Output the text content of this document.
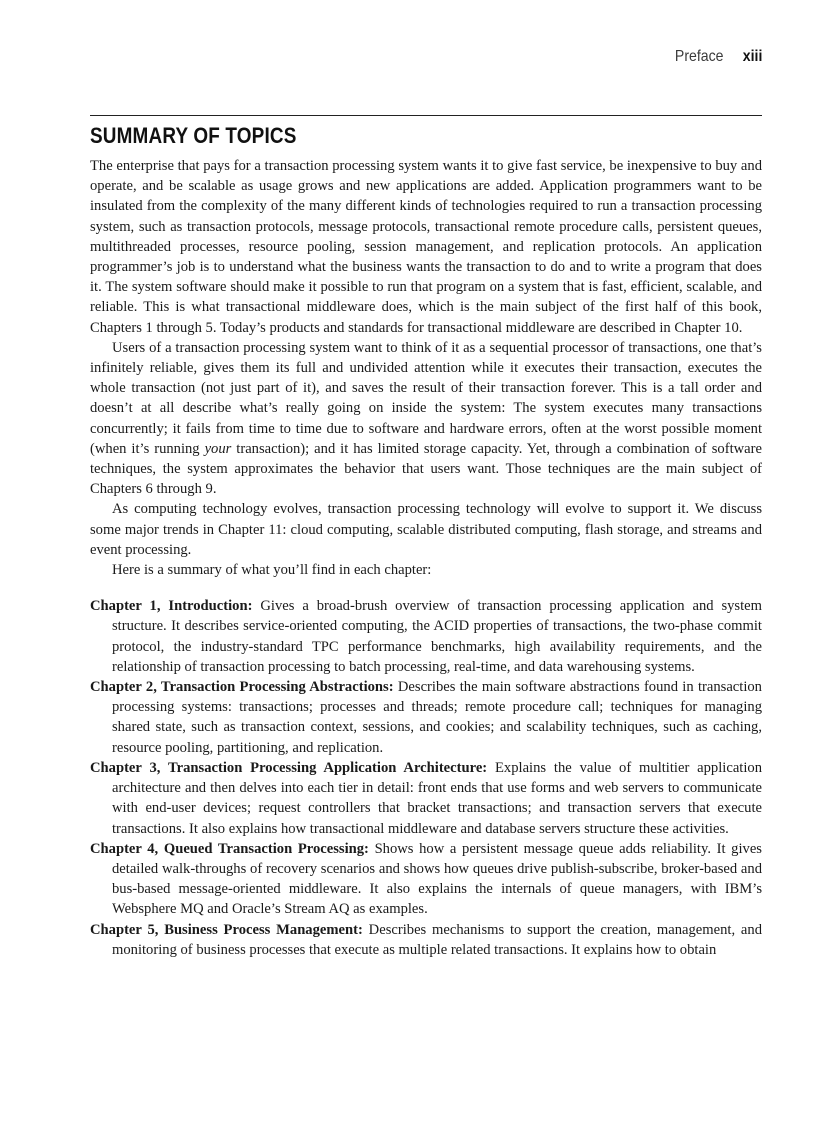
Preface xiii
SUMMARY OF TOPICS

The enterprise that pays for a transaction processing system wants it to give fast service, be inexpensive to buy and operate, and be scalable as usage grows and new applications are added. Application programmers want to be insulated from the complexity of the many different kinds of technologies required to run a transaction processing system, such as transaction protocols, message protocols, transactional remote procedure calls, persistent queues, multithreaded processes, resource pooling, session management, and replication protocols. An application programmer’s job is to understand what the business wants the transaction to do and to write a program that does it. The system software should make it possible to run that program on a system that is fast, efficient, scalable, and reliable. This is what transactional middleware does, which is the main subject of the first half of this book, Chapters 1 through 5. Today’s products and standards for transactional middleware are described in Chapter 10.

Users of a transaction processing system want to think of it as a sequential processor of transactions, one that’s infinitely reliable, gives them its full and undivided attention while it executes their transaction, executes the whole transaction (not just part of it), and saves the result of their transaction forever. This is a tall order and doesn’t at all describe what’s really going on inside the system: The system executes many transactions concurrently; it fails from time to time due to software and hardware errors, often at the worst possible moment (when it’s running your transaction); and it has limited storage capacity. Yet, through a combination of software techniques, the system approximates the behavior that users want. Those techniques are the main subject of Chapters 6 through 9.

As computing technology evolves, transaction processing technology will evolve to support it. We discuss some major trends in Chapter 11: cloud computing, scalable distributed computing, flash storage, and streams and event processing.

Here is a summary of what you’ll find in each chapter:

Chapter 1, Introduction: Gives a broad-brush overview of transaction processing application and system structure. It describes service-oriented computing, the ACID properties of transactions, the two-phase commit protocol, the industry-standard TPC performance benchmarks, high availability requirements, and the relationship of transaction processing to batch processing, real-time, and data warehousing systems.

Chapter 2, Transaction Processing Abstractions: Describes the main software abstractions found in transaction processing systems: transactions; processes and threads; remote procedure call; techniques for managing shared state, such as transaction context, sessions, and cookies; and scalability techniques, such as caching, resource pooling, partitioning, and replication.

Chapter 3, Transaction Processing Application Architecture: Explains the value of multitier application architecture and then delves into each tier in detail: front ends that use forms and web servers to communicate with end-user devices; request controllers that bracket transactions; and transaction servers that execute transactions. It also explains how transactional middleware and database servers structure these activities.

Chapter 4, Queued Transaction Processing: Shows how a persistent message queue adds reliability. It gives detailed walk-throughs of recovery scenarios and shows how queues drive publish-subscribe, broker-based and bus-based message-oriented middleware. It also explains the internals of queue managers, with IBM’s Websphere MQ and Oracle’s Stream AQ as examples.

Chapter 5, Business Process Management: Describes mechanisms to support the creation, management, and monitoring of business processes that execute as multiple related transactions. It explains how to obtain
